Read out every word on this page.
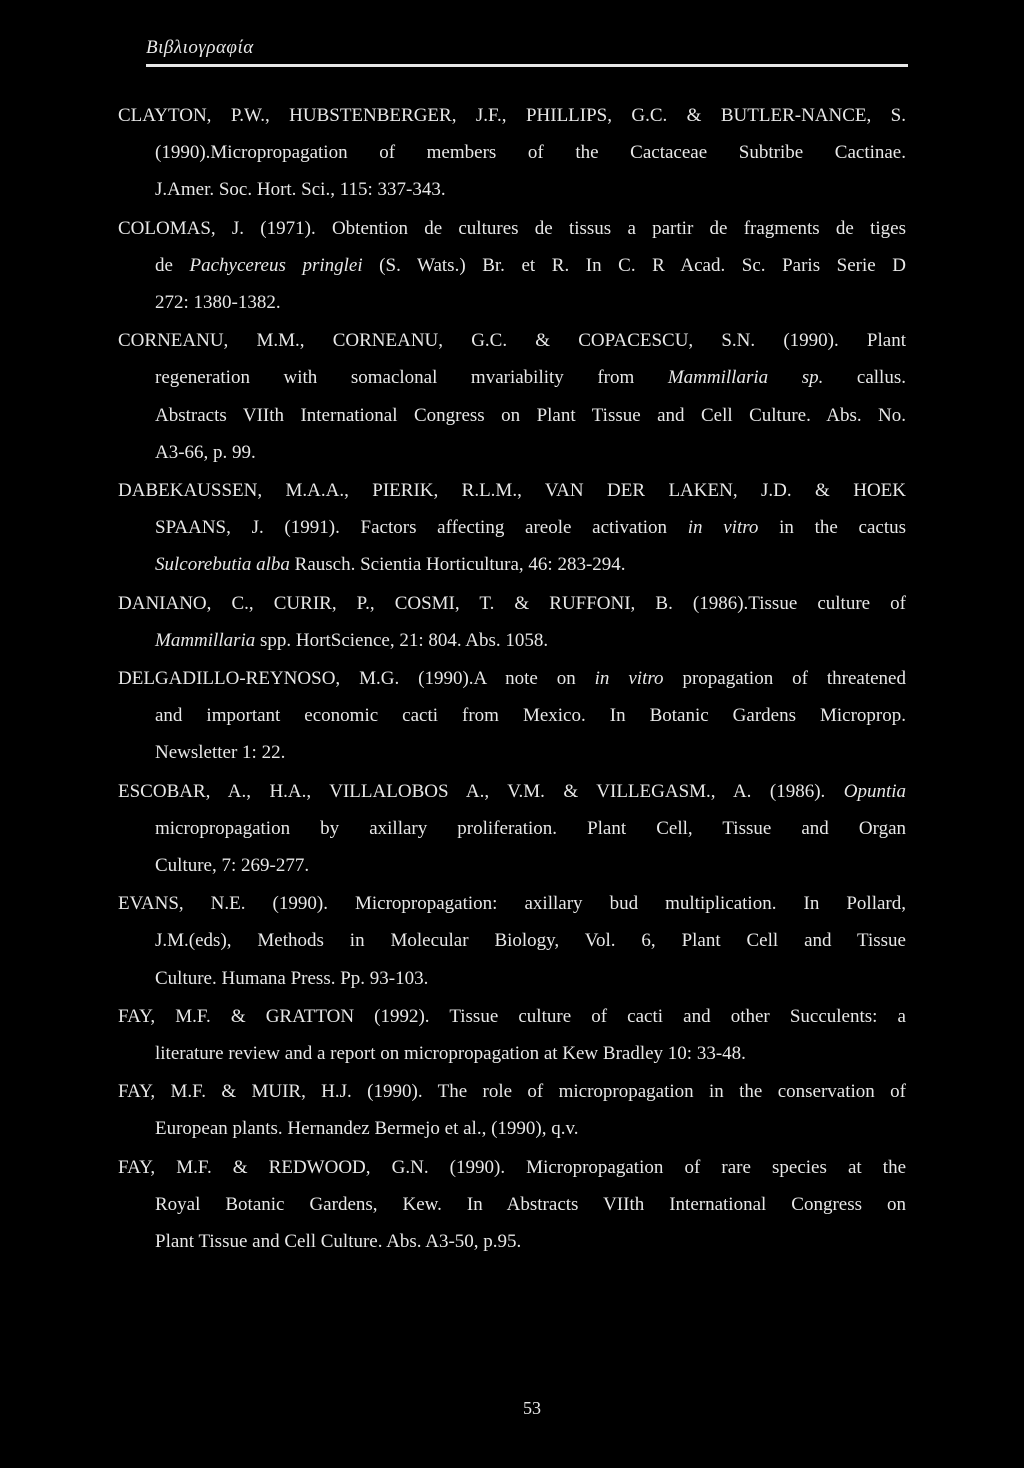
Βιβλιογραφία
CLAYTON, P.W., HUBSTENBERGER, J.F., PHILLIPS, G.C. & BUTLER-NANCE, S.
(1990).Micropropagation of members of the Cactaceae Subtribe Cactinae.
J.Amer. Soc. Hort. Sci., 115: 337-343.
COLOMAS, J. (1971). Obtention de cultures de tissus a partir de fragments de tiges
de Pachycereus pringlei (S. Wats.) Br. et R. In C. R Acad. Sc. Paris Serie D
272: 1380-1382.
CORNEANU, M.M., CORNEANU, G.C. & COPACESCU, S.N. (1990). Plant
regeneration with somaclonal mvariability from Mammillaria sp. callus.
Abstracts VIIth International Congress on Plant Tissue and Cell Culture. Abs. No.
A3-66, p. 99.
DABEKAUSSEN, M.A.A., PIERIK, R.L.M., VAN DER LAKEN, J.D. & HOEK
SPAANS, J. (1991). Factors affecting areole activation in vitro in the cactus
Sulcorebutia alba Rausch. Scientia Horticultura, 46: 283-294.
DANIANO, C., CURIR, P., COSMI, T. & RUFFONI, B. (1986).Tissue culture of
Mammillaria spp. HortScience, 21: 804. Abs. 1058.
DELGADILLO-REYNOSO, M.G. (1990).A note on in vitro propagation of threatened
and important economic cacti from Mexico. In Botanic Gardens Microprop.
Newsletter 1: 22.
ESCOBAR, A., H.A., VILLALOBOS A., V.M. & VILLEGASM., A. (1986). Opuntia
micropropagation by axillary proliferation. Plant Cell, Tissue and Organ
Culture, 7: 269-277.
EVANS, N.E. (1990). Micropropagation: axillary bud multiplication. In Pollard,
J.M.(eds), Methods in Molecular Biology, Vol. 6, Plant Cell and Tissue
Culture. Humana Press. Pp. 93-103.
FAY, M.F. & GRATTON (1992). Tissue culture of cacti and other Succulents: a
literature review and a report on micropropagation at Kew Bradley 10: 33-48.
FAY, M.F. & MUIR, H.J. (1990). The role of micropropagation in the conservation of
European plants. Hernandez Bermejo et al., (1990), q.v.
FAY, M.F. & REDWOOD, G.N. (1990). Micropropagation of rare species at the
Royal Botanic Gardens, Kew. In Abstracts VIIth International Congress on
Plant Tissue and Cell Culture. Abs. A3-50, p.95.
53
